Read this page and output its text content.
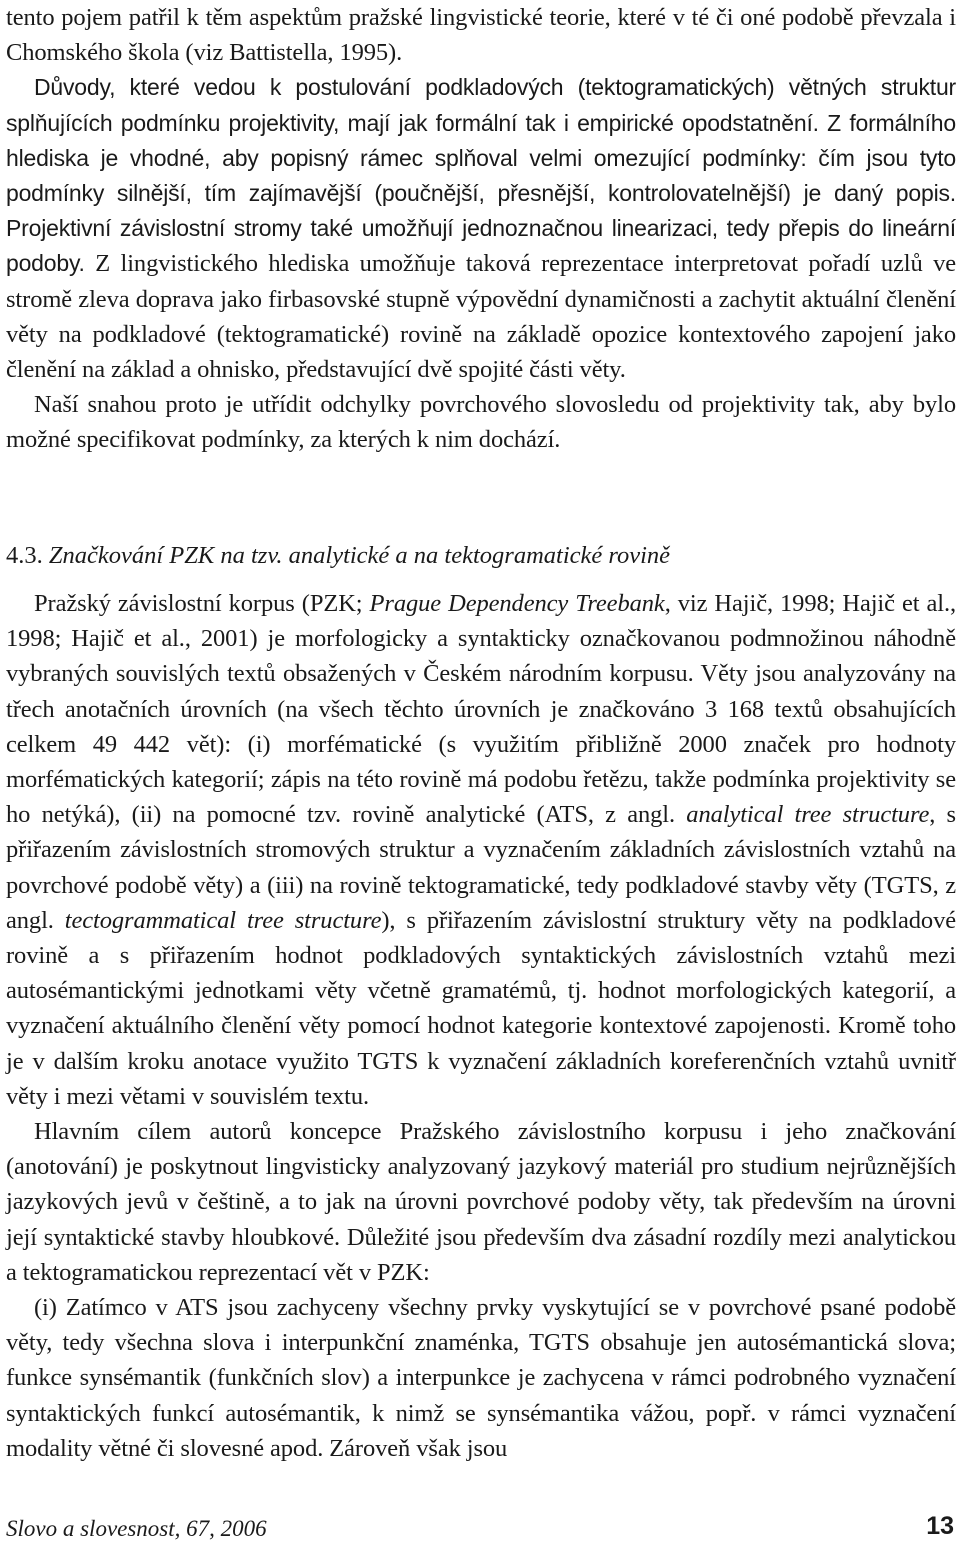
tento pojem patřil k těm aspektům pražské lingvistické teorie, které v té či oné podobě převzala i Chomského škola (viz Battistella, 1995).

Důvody, které vedou k postulování podkladových (tektogramatických) větných struktur splňujících podmínku projektivity, mají jak formální tak i empirické opodstatnění. Z formálního hlediska je vhodné, aby popisný rámec splňoval velmi omezující podmínky: čím jsou tyto podmínky silnější, tím zajímavější (poučnější, přesnější, kontrolovatelnější) je daný popis. Projektivní závislostní stromy také umožňují jednoznačnou linearizaci, tedy přepis do lineární podoby. Z lingvistického hlediska umožňuje taková reprezentace interpretovat pořadí uzlů ve stromě zleva doprava jako firbasovské stupně výpovědní dynamičnosti a zachytit aktuální členění věty na podkladové (tektogramatické) rovině na základě opozice kontextového zapojení jako členění na základ a ohnisko, představující dvě spojité části věty.

Naší snahou proto je utřídit odchylky povrchového slovosledu od projektivity tak, aby bylo možné specifikovat podmínky, za kterých k nim dochází.

4.3. Značkování PZK na tzv. analytické a na tektogramatické rovině

Pražský závislostní korpus (PZK; Prague Dependency Treebank, viz Hajič, 1998; Hajič et al., 1998; Hajič et al., 2001) je morfologicky a syntakticky označkovanou podmnožinou náhodně vybraných souvislých textů obsažených v Českém národním korpusu. Věty jsou analyzovány na třech anotačních úrovních (na všech těchto úrovních je značkováno 3 168 textů obsahujících celkem 49 442 vět): (i) morfématické (s využitím přibližně 2000 značek pro hodnoty morfématických kategorií; zápis na této rovině má podobu řetězu, takže podmínka projektivity se ho netýká), (ii) na pomocné tzv. rovině analytické (ATS, z angl. analytical tree structure, s přiřazením závislostních stromových struktur a vyznačením základních závislostních vztahů na povrchové podobě věty) a (iii) na rovině tektogramatické, tedy podkladové stavby věty (TGTS, z angl. tectogrammatical tree structure), s přiřazením závislostní struktury věty na podkladové rovině a s přiřazením hodnot podkladových syntaktických závislostních vztahů mezi autosémantickými jednotkami věty včetně gramatémů, tj. hodnot morfologických kategorií, a vyznačení aktuálního členění věty pomocí hodnot kategorie kontextové zapojenosti. Kromě toho je v dalším kroku anotace využito TGTS k vyznačení základních koreferenčních vztahů uvnitř věty i mezi větami v souvislém textu.

Hlavním cílem autorů koncepce Pražského závislostního korpusu i jeho značkování (anotování) je poskytnout lingvisticky analyzovaný jazykový materiál pro studium nejrůznějších jazykových jevů v češtině, a to jak na úrovni povrchové podoby věty, tak především na úrovni její syntaktické stavby hloubkové. Důležité jsou především dva zásadní rozdíly mezi analytickou a tektogramatickou reprezentací vět v PZK:

(i) Zatímco v ATS jsou zachyceny všechny prvky vyskytující se v povrchové psané podobě věty, tedy všechna slova i interpunkční znaménka, TGTS obsahuje jen autosémantická slova; funkce synsémantik (funkčních slov) a interpunkce je zachycena v rámci podrobného vyznačení syntaktických funkcí autosémantik, k nimž se synsémantika vážou, popř. v rámci vyznačení modality větné či slovesné apod. Zároveň však jsou

Slovo a slovesnost, 67, 2006	13
